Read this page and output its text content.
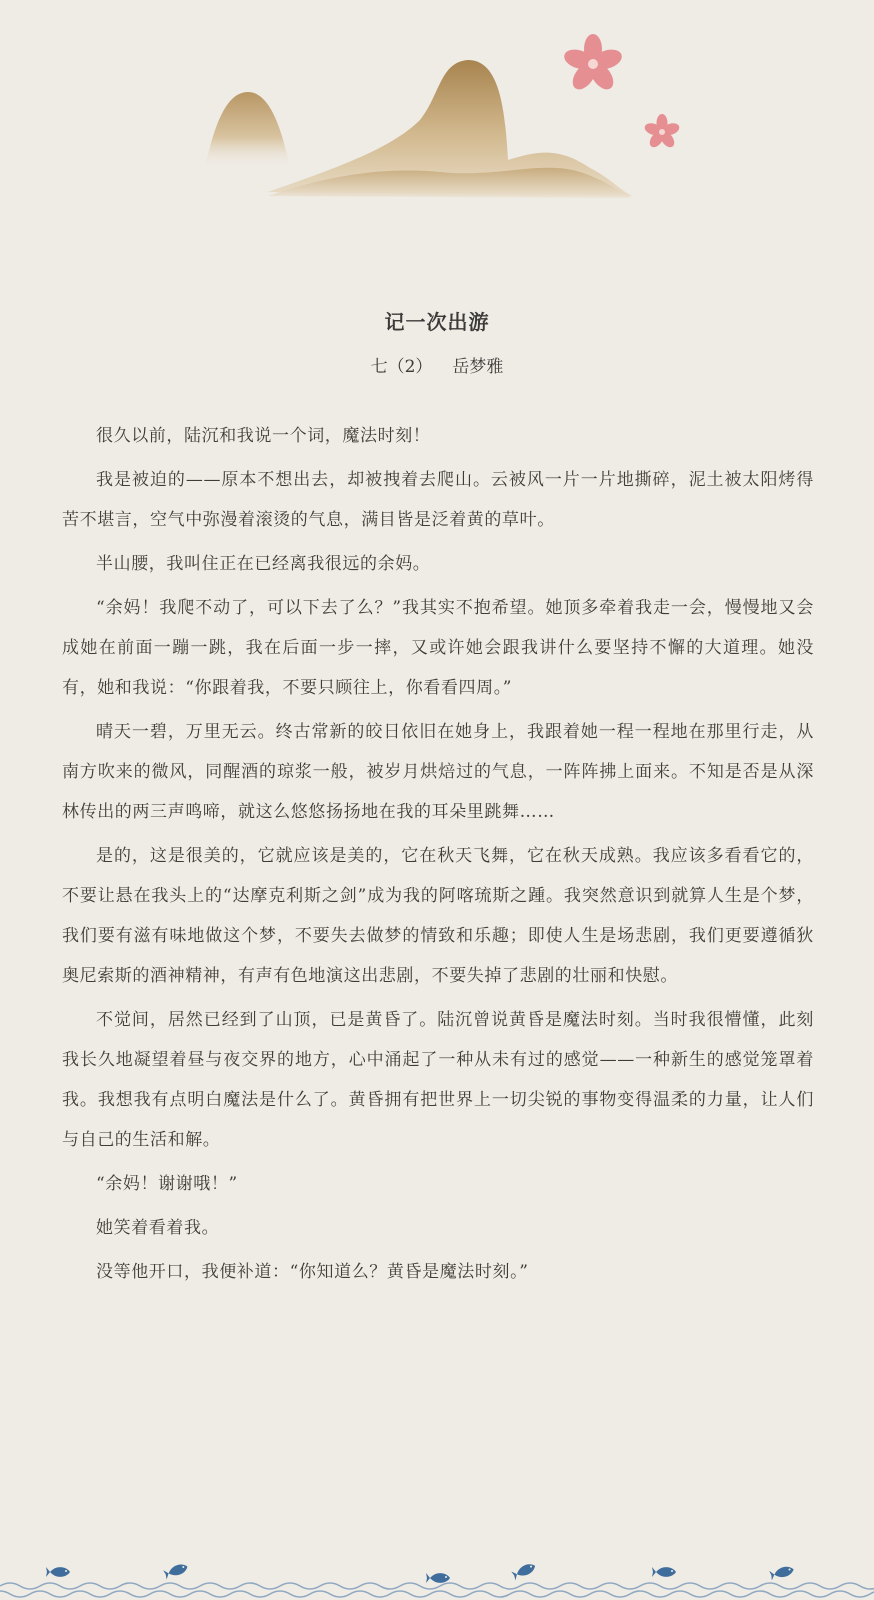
记一次出游
七（2） 岳梦雅

很久以前，陆沉和我说一个词，魔法时刻！

我是被迫的——原本不想出去，却被拽着去爬山。云被风一片一片地撕碎，泥土被太阳烤得苦不堪言，空气中弥漫着滚烫的气息，满目皆是泛着黄的草叶。

半山腰，我叫住正在已经离我很远的余妈。

“余妈！我爬不动了，可以下去了么？”我其实不抱希望。她顶多牵着我走一会，慢慢地又会成她在前面一蹦一跳，我在后面一步一摔，又或许她会跟我讲什么要坚持不懈的大道理。她没有，她和我说：“你跟着我，不要只顾往上，你看看四周。”

晴天一碧，万里无云。终古常新的皎日依旧在她身上，我跟着她一程一程地在那里行走，从南方吹来的微风，同醒酒的琼浆一般，被岁月烘焙过的气息，一阵阵拂上面来。不知是否是从深林传出的两三声鸣啼，就这么悠悠扬扬地在我的耳朵里跳舞……

是的，这是很美的，它就应该是美的，它在秋天飞舞，它在秋天成熟。我应该多看看它的，不要让悬在我头上的“达摩克利斯之剑”成为我的阿喀琉斯之踵。我突然意识到就算人生是个梦，我们要有滋有味地做这个梦，不要失去做梦的情致和乐趣；即使人生是场悲剧，我们更要遵循狄奥尼索斯的酒神精神，有声有色地演这出悲剧，不要失掉了悲剧的壮丽和快慰。

不觉间，居然已经到了山顶，已是黄昏了。陆沉曾说黄昏是魔法时刻。当时我很懵懂，此刻我长久地凝望着昼与夜交界的地方，心中涌起了一种从未有过的感觉——一种新生的感觉笼罩着我。我想我有点明白魔法是什么了。黄昏拥有把世界上一切尖锐的事物变得温柔的力量，让人们与自己的生活和解。

“余妈！谢谢哦！”

她笑着看着我。

没等他开口，我便补道：“你知道么？黄昏是魔法时刻。”
